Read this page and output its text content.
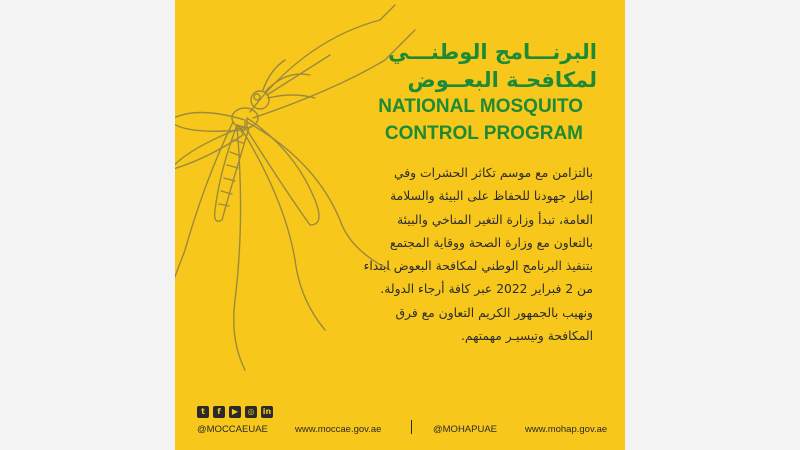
البرنـــامج الوطنـــي
لمكافحـة البعــوض
NATIONAL MOSQUITO
CONTROL PROGRAM
بالتزامن مع موسم تكاثر الحشرات وفي
إطار جهودنا للحفاظ على البيئة والسلامة
العامة، تبدأ وزارة التغير المناخي والبيئة
بالتعاون مع وزارة الصحة ووقاية المجتمع
بتنفيذ البرنامج الوطني لمكافحة البعوض ابتداء
من 2 فبراير 2022 عبر كافة أرجاء الدولة.
ونهيب بالجمهور الكريم التعاون مع فرق
المكافحة وتيسيـر مهمتهم.
t	f	▶	◎	in
@MOCCAEUAE	www.moccae.gov.ae	@MOHAPUAE	www.mohap.gov.ae
